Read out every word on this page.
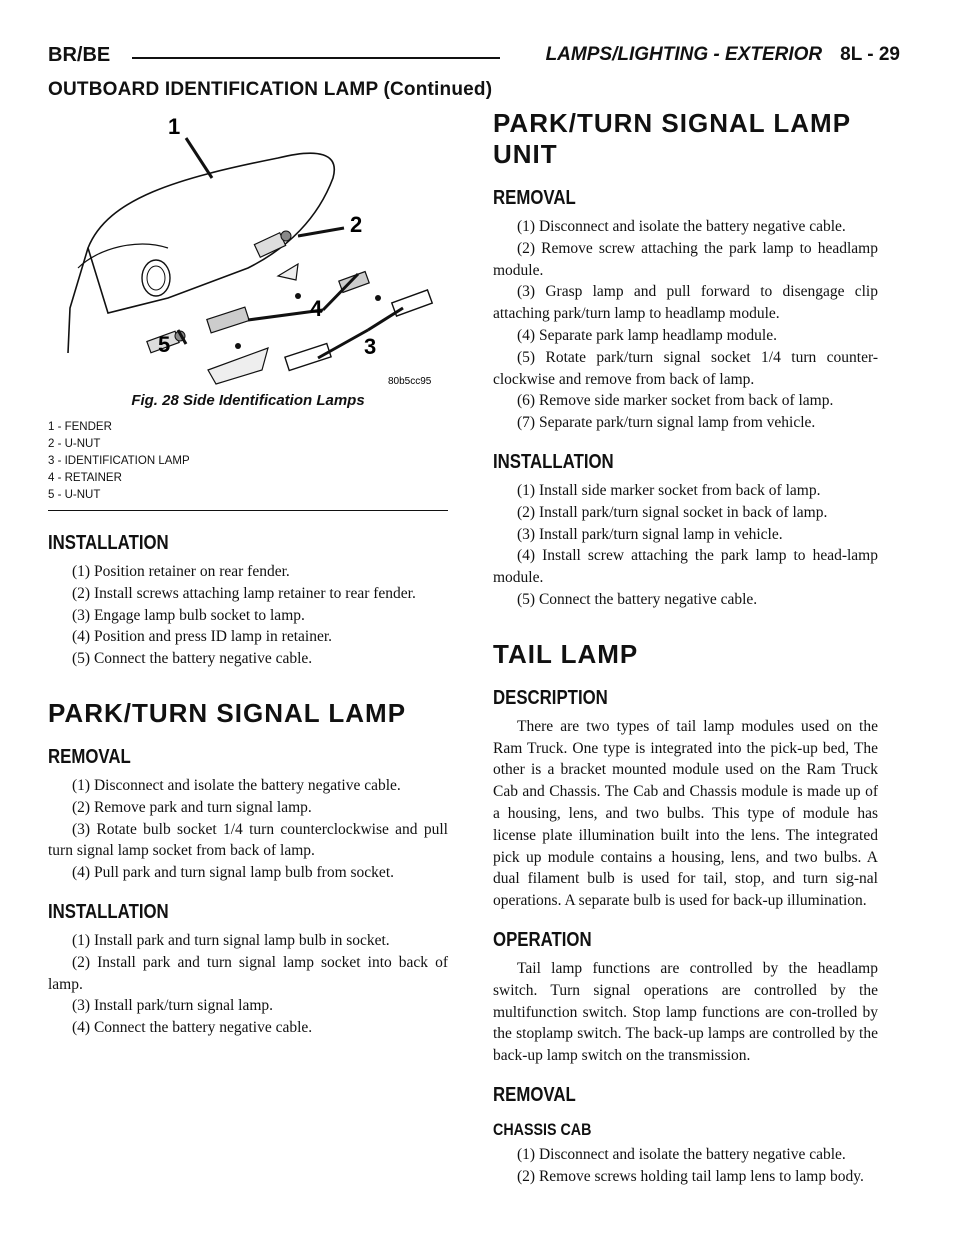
BR/BE	LAMPS/LIGHTING - EXTERIOR 8L - 29
OUTBOARD IDENTIFICATION LAMP (Continued)
1
2
3
4
5
80b5cc95
Fig. 28 Side Identification Lamps
1 - FENDER
2 - U-NUT
3 - IDENTIFICATION LAMP
4 - RETAINER
5 - U-NUT
INSTALLATION

(1) Position retainer on rear fender.

(2) Install screws attaching lamp retainer to rear fender.

(3) Engage lamp bulb socket to lamp.

(4) Position and press ID lamp in retainer.

(5) Connect the battery negative cable.

PARK/TURN SIGNAL LAMP
REMOVAL

(1) Disconnect and isolate the battery negative cable.

(2) Remove park and turn signal lamp.

(3) Rotate bulb socket 1/4 turn counterclockwise and pull turn signal lamp socket from back of lamp.

(4) Pull park and turn signal lamp bulb from socket.

INSTALLATION

(1) Install park and turn signal lamp bulb in socket.

(2) Install park and turn signal lamp socket into back of lamp.

(3) Install park/turn signal lamp.

(4) Connect the battery negative cable.

PARK/TURN SIGNAL LAMP UNIT
REMOVAL

(1) Disconnect and isolate the battery negative cable.

(2) Remove screw attaching the park lamp to headlamp module.

(3) Grasp lamp and pull forward to disengage clip attaching park/turn lamp to headlamp module.

(4) Separate park lamp headlamp module.

(5) Rotate park/turn signal socket 1/4 turn counter-clockwise and remove from back of lamp.

(6) Remove side marker socket from back of lamp.

(7) Separate park/turn signal lamp from vehicle.

INSTALLATION

(1) Install side marker socket from back of lamp.

(2) Install park/turn signal socket in back of lamp.

(3) Install park/turn signal lamp in vehicle.

(4) Install screw attaching the park lamp to head-lamp module.

(5) Connect the battery negative cable.

TAIL LAMP
DESCRIPTION

There are two types of tail lamp modules used on the Ram Truck. One type is integrated into the pick-up bed, The other is a bracket mounted module used on the Ram Truck Cab and Chassis. The Cab and Chassis module is made up of a housing, lens, and two bulbs. This type of module has license plate illumination built into the lens. The integrated pick up module contains a housing, lens, and two bulbs. A dual filament bulb is used for tail, stop, and turn sig-nal operations. A separate bulb is used for back-up illumination.

OPERATION

Tail lamp functions are controlled by the headlamp switch. Turn signal operations are controlled by the multifunction switch. Stop lamp functions are con-trolled by the stoplamp switch. The back-up lamps are controlled by the back-up lamp switch on the transmission.

REMOVAL
CHASSIS CAB

(1) Disconnect and isolate the battery negative cable.

(2) Remove screws holding tail lamp lens to lamp body.
